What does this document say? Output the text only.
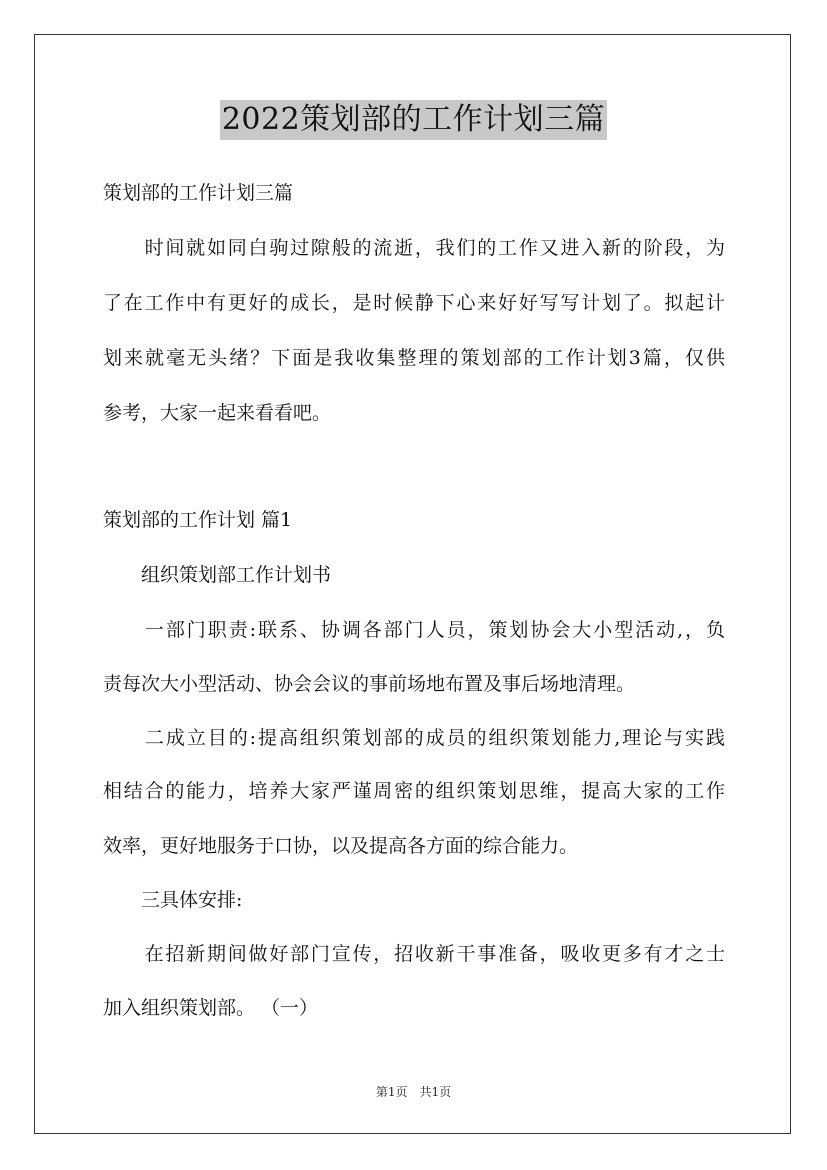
2022策划部的工作计划三篇
策划部的工作计划三篇
　　时间就如同白驹过隙般的流逝，我们的工作又进入新的阶段，为
了在工作中有更好的成长，是时候静下心来好好写写计划了。拟起计
划来就毫无头绪？下面是我收集整理的策划部的工作计划3篇，仅供
参考，大家一起来看看吧。
策划部的工作计划 篇1
　　组织策划部工作计划书
　　一部门职责:联系、协调各部门人员，策划协会大小型活动,，负
责每次大小型活动、协会会议的事前场地布置及事后场地清理。
　　二成立目的:提高组织策划部的成员的组织策划能力,理论与实践
相结合的能力，培养大家严谨周密的组织策划思维，提高大家的工作
效率，更好地服务于口协，以及提高各方面的综合能力。
　　三具体安排:
　　在招新期间做好部门宣传，招收新干事准备，吸收更多有才之士
加入组织策划部。 （一）
第1页　共1页
